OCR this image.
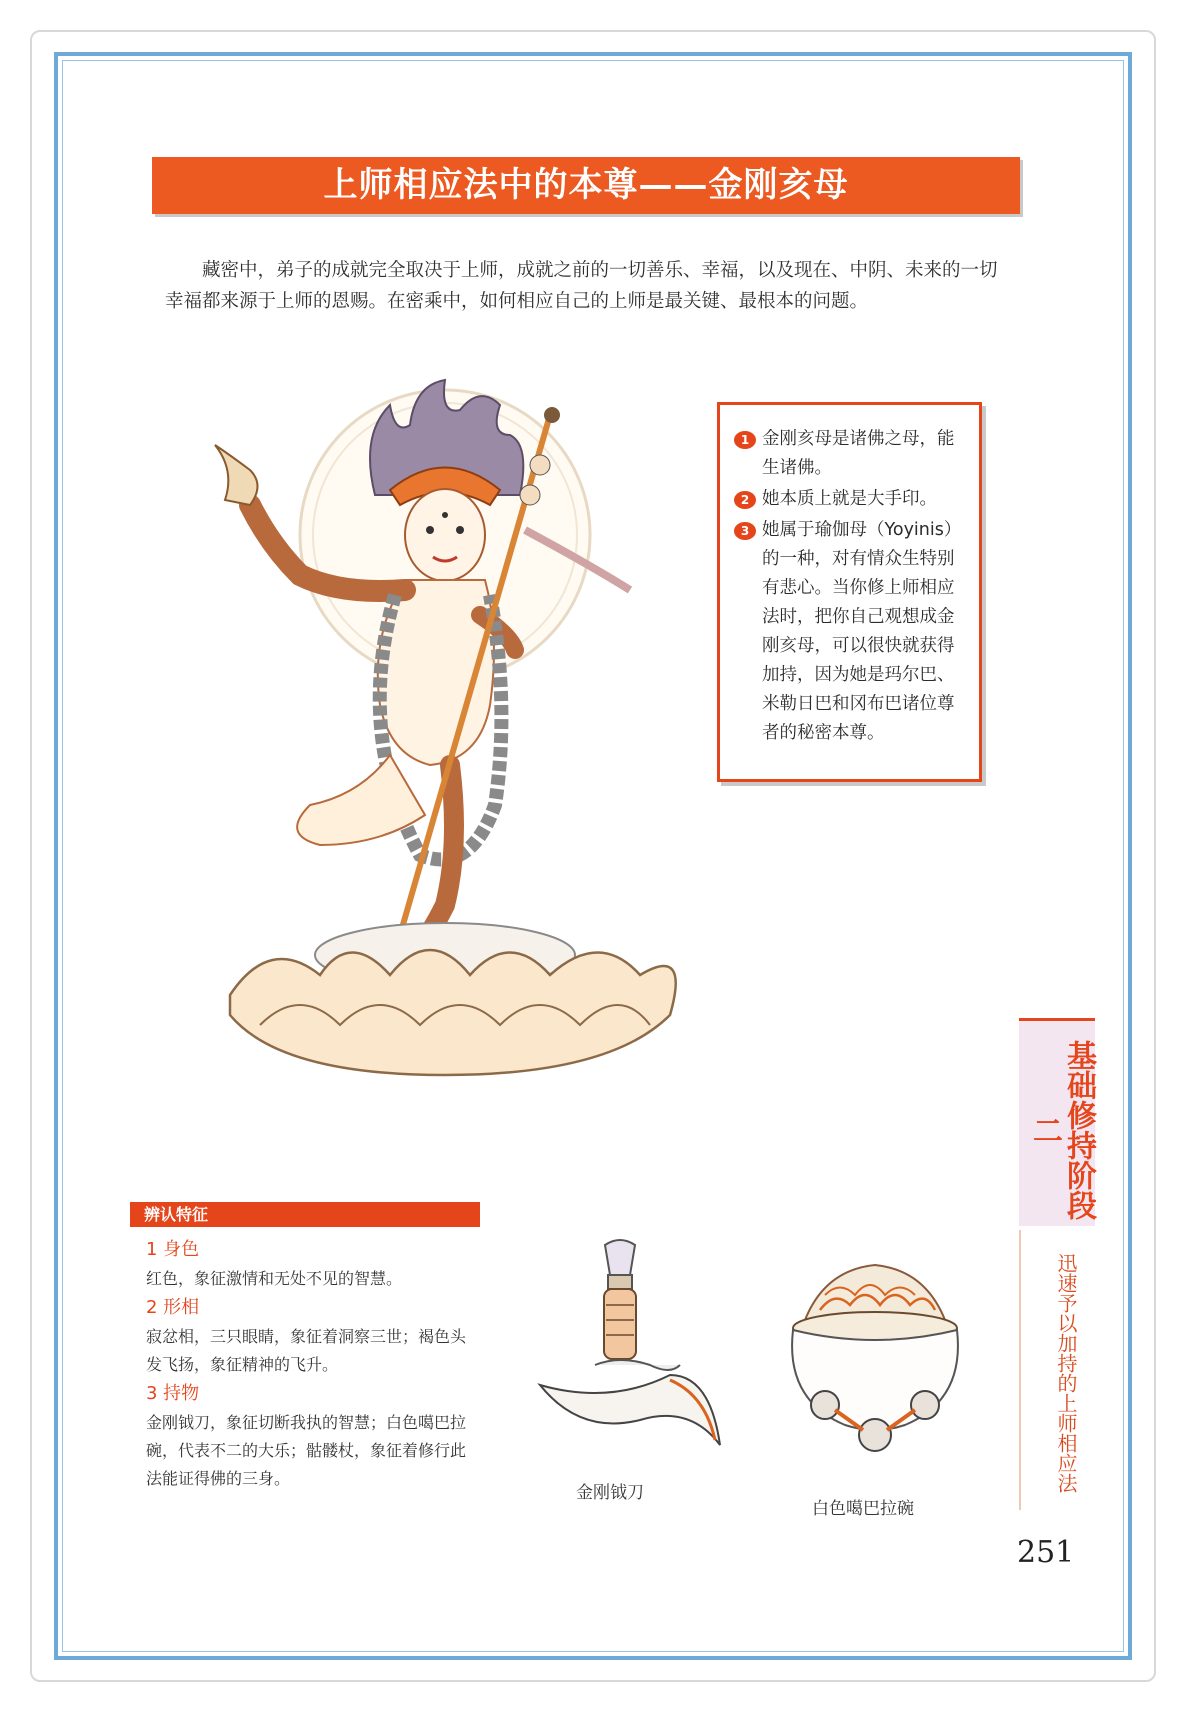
上师相应法中的本尊——金刚亥母
藏密中，弟子的成就完全取决于上师，成就之前的一切善乐、幸福，以及现在、中阴、未来的一切幸福都来源于上师的恩赐。在密乘中，如何相应自己的上师是最关键、最根本的问题。
1 金刚亥母是诸佛之母，能生诸佛。
2 她本质上就是大手印。
3 她属于瑜伽母（Yoyinis）的一种，对有情众生特别有悲心。当你修上师相应法时，把你自己观想成金刚亥母，可以很快就获得加持，因为她是玛尔巴、米勒日巴和冈布巴诸位尊者的秘密本尊。
基础修持阶段二
迅速予以加持的上师相应法
辨认特征
1 身色
红色，象征激情和无处不见的智慧。
2 形相
寂忿相，三只眼睛，象征着洞察三世；褐色头发飞扬，象征精神的飞升。
3 持物
金刚钺刀，象征切断我执的智慧；白色噶巴拉碗，代表不二的大乐；骷髅杖，象征着修行此法能证得佛的三身。
金刚钺刀
白色噶巴拉碗
251
